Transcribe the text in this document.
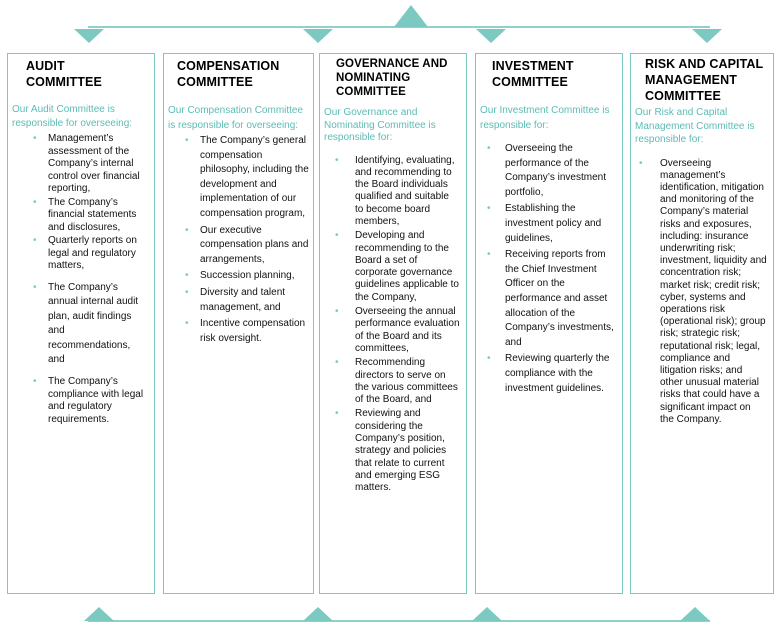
AUDIT COMMITTEE

Our Audit Committee is responsible for overseeing:

• Management’s assessment of the Company’s internal control over financial reporting,
• The Company’s financial statements and disclosures,
• Quarterly reports on legal and regulatory matters,
• The Company’s annual internal audit plan, audit findings and recommendations, and
• The Company’s compliance with legal and regulatory requirements.
COMPENSATION COMMITTEE

Our Compensation Committee is responsible for overseeing:

• The Company’s general compensation philosophy, including the development and implementation of our compensation program,
• Our executive compensation plans and arrangements,
• Succession planning,
• Diversity and talent management, and
• Incentive compensation risk oversight.
GOVERNANCE AND NOMINATING COMMITTEE

Our Governance and Nominating Committee is responsible for:

• Identifying, evaluating, and recommending to the Board individuals qualified and suitable to become board members,
• Developing and recommending to the Board a set of corporate governance guidelines applicable to the Company,
• Overseeing the annual performance evaluation of the Board and its committees,
• Recommending directors to serve on the various committees of the Board, and
• Reviewing and considering the Company’s position, strategy and policies that relate to current and emerging ESG matters.
INVESTMENT COMMITTEE

Our Investment Committee is responsible for:

• Overseeing the performance of the Company’s investment portfolio,
• Establishing the investment policy and guidelines,
• Receiving reports from the Chief Investment Officer on the performance and asset allocation of the Company’s investments, and
• Reviewing quarterly the compliance with the investment guidelines.
RISK AND CAPITAL MANAGEMENT COMMITTEE

Our Risk and Capital Management Committee is responsible for:

• Overseeing management’s identification, mitigation and monitoring of the Company’s material risks and exposures, including: insurance underwriting risk; investment, liquidity and concentration risk; market risk; credit risk; cyber, systems and operations risk (operational risk); group risk; strategic risk; reputational risk; legal, compliance and litigation risks; and other unusual material risks that could have a significant impact on the Company.
